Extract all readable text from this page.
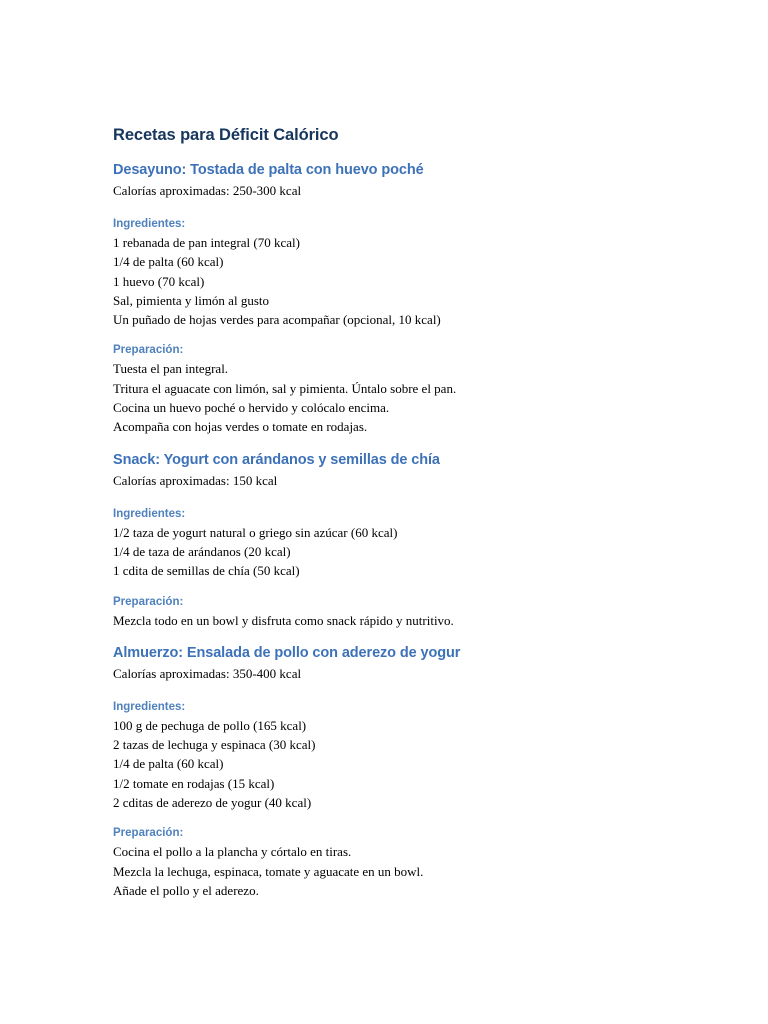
Recetas para Déficit Calórico
Desayuno: Tostada de palta con huevo poché

Calorías aproximadas: 250-300 kcal

Ingredientes:

1 rebanada de pan integral (70 kcal)
1/4 de palta (60 kcal)
1 huevo (70 kcal)
Sal, pimienta y limón al gusto
Un puñado de hojas verdes para acompañar (opcional, 10 kcal)

Preparación:

Tuesta el pan integral.
Tritura el aguacate con limón, sal y pimienta. Úntalo sobre el pan.
Cocina un huevo poché o hervido y colócalo encima.
Acompaña con hojas verdes o tomate en rodajas.
Snack: Yogurt con arándanos y semillas de chía

Calorías aproximadas: 150 kcal

Ingredientes:

1/2 taza de yogurt natural o griego sin azúcar (60 kcal)
1/4 de taza de arándanos (20 kcal)
1 cdita de semillas de chía (50 kcal)

Preparación:

Mezcla todo en un bowl y disfruta como snack rápido y nutritivo.
Almuerzo: Ensalada de pollo con aderezo de yogur

Calorías aproximadas: 350-400 kcal

Ingredientes:

100 g de pechuga de pollo (165 kcal)
2 tazas de lechuga y espinaca (30 kcal)
1/4 de palta (60 kcal)
1/2 tomate en rodajas (15 kcal)
2 cditas de aderezo de yogur (40 kcal)

Preparación:

Cocina el pollo a la plancha y córtalo en tiras.
Mezcla la lechuga, espinaca, tomate y aguacate en un bowl.
Añade el pollo y el aderezo.
